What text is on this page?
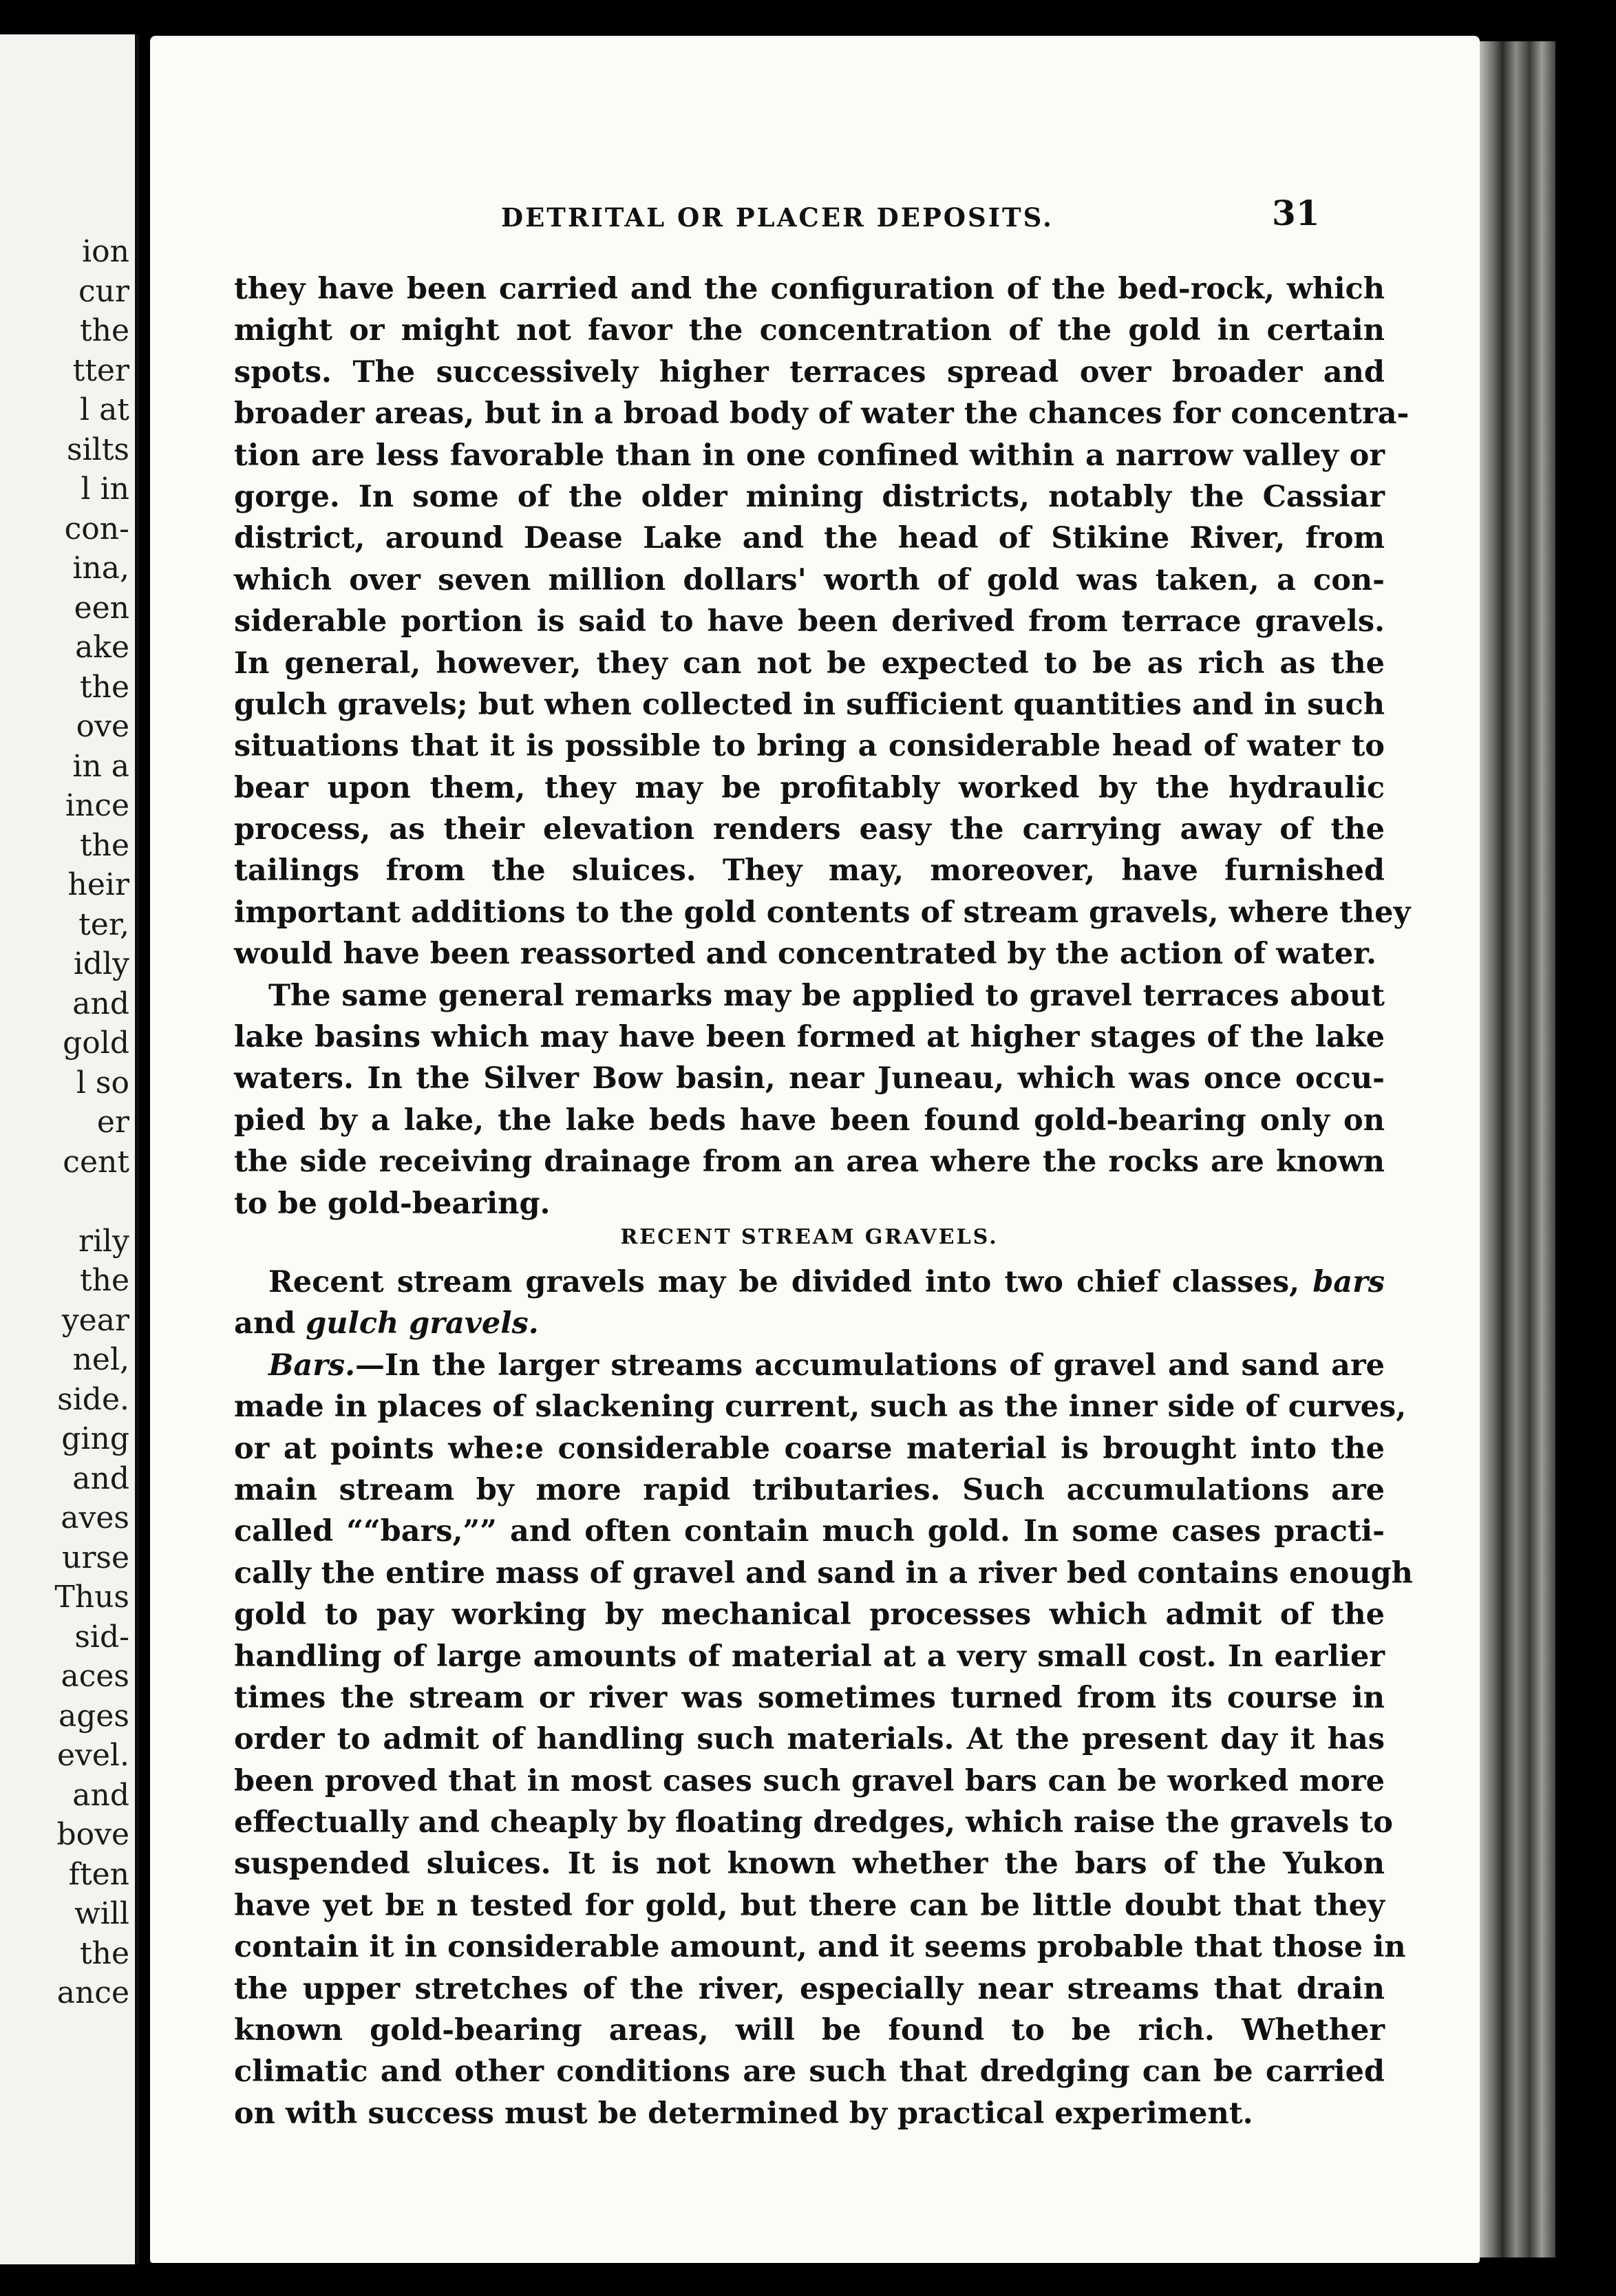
ion
cur
the
tter
l at
silts
l in
con-
ina,
een
ake
the
ove
in a
ince
the
heir
ter,
idly
and
gold
l so
er
cent
rily
the
year
nel,
side.
ging
and
aves
urse
Thus
sid-
aces
ages
evel.
and
bove
ften
will
the
ance
DETRITAL OR PLACER DEPOSITS.	31
they have been carried and the configuration of the bed-rock, which
might or might not favor the concentration of the gold in certain
spots. The successively higher terraces spread over broader and
broader areas, but in a broad body of water the chances for concentra-
tion are less favorable than in one confined within a narrow valley or
gorge. In some of the older mining districts, notably the Cassiar
district, around Dease Lake and the head of Stikine River, from
which over seven million dollars' worth of gold was taken, a con-
siderable portion is said to have been derived from terrace gravels.
In general, however, they can not be expected to be as rich as the
gulch gravels; but when collected in sufficient quantities and in such
situations that it is possible to bring a considerable head of water to
bear upon them, they may be profitably worked by the hydraulic
process, as their elevation renders easy the carrying away of the
tailings from the sluices. They may, moreover, have furnished
important additions to the gold contents of stream gravels, where they
would have been reassorted and concentrated by the action of water.
The same general remarks may be applied to gravel terraces about
lake basins which may have been formed at higher stages of the lake
waters. In the Silver Bow basin, near Juneau, which was once occu-
pied by a lake, the lake beds have been found gold-bearing only on
the side receiving drainage from an area where the rocks are known
to be gold-bearing.
RECENT STREAM GRAVELS.
Recent stream gravels may be divided into two chief classes, bars
and gulch gravels.
Bars.—In the larger streams accumulations of gravel and sand are
made in places of slackening current, such as the inner side of curves,
or at points whe:e considerable coarse material is brought into the
main stream by more rapid tributaries. Such accumulations are
called ““bars,”” and often contain much gold. In some cases practi-
cally the entire mass of gravel and sand in a river bed contains enough
gold to pay working by mechanical processes which admit of the
handling of large amounts of material at a very small cost. In earlier
times the stream or river was sometimes turned from its course in
order to admit of handling such materials. At the present day it has
been proved that in most cases such gravel bars can be worked more
effectually and cheaply by floating dredges, which raise the gravels to
suspended sluices. It is not known whether the bars of the Yukon
have yet bᴇ n tested for gold, but there can be little doubt that they
contain it in considerable amount, and it seems probable that those in
the upper stretches of the river, especially near streams that drain
known gold-bearing areas, will be found to be rich. Whether
climatic and other conditions are such that dredging can be carried
on with success must be determined by practical experiment.
